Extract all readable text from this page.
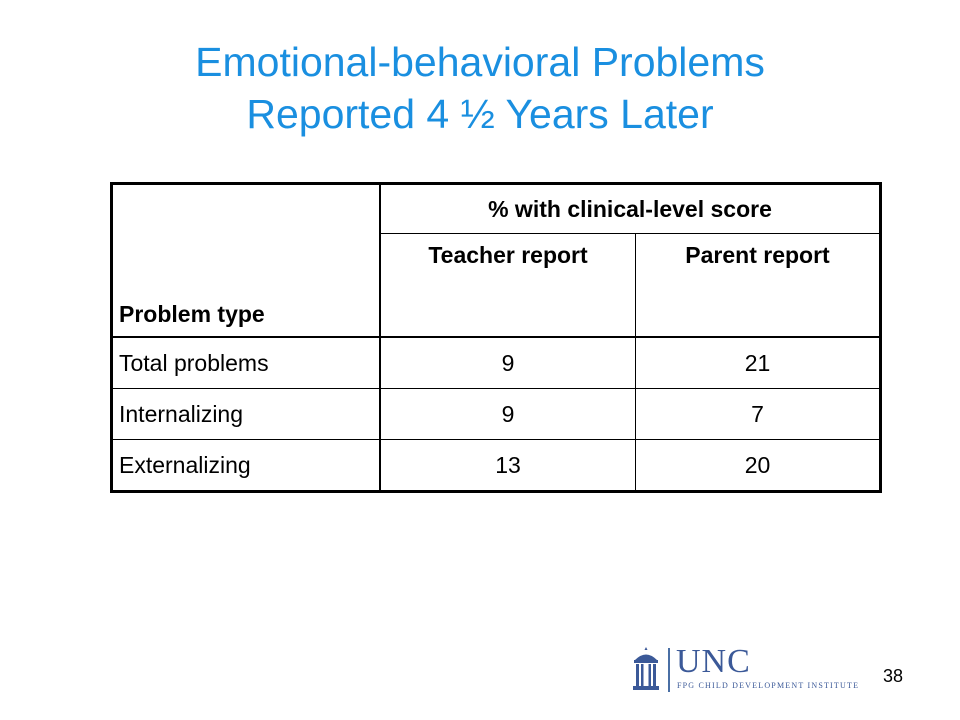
Emotional-behavioral Problems
Reported 4 ½ Years Later
Problem type	% with clinical-level score	
	Teacher report	Parent report
Total problems	9	21
Internalizing	9	7
Externalizing	13	20
UNC
FPG CHILD DEVELOPMENT INSTITUTE 38
